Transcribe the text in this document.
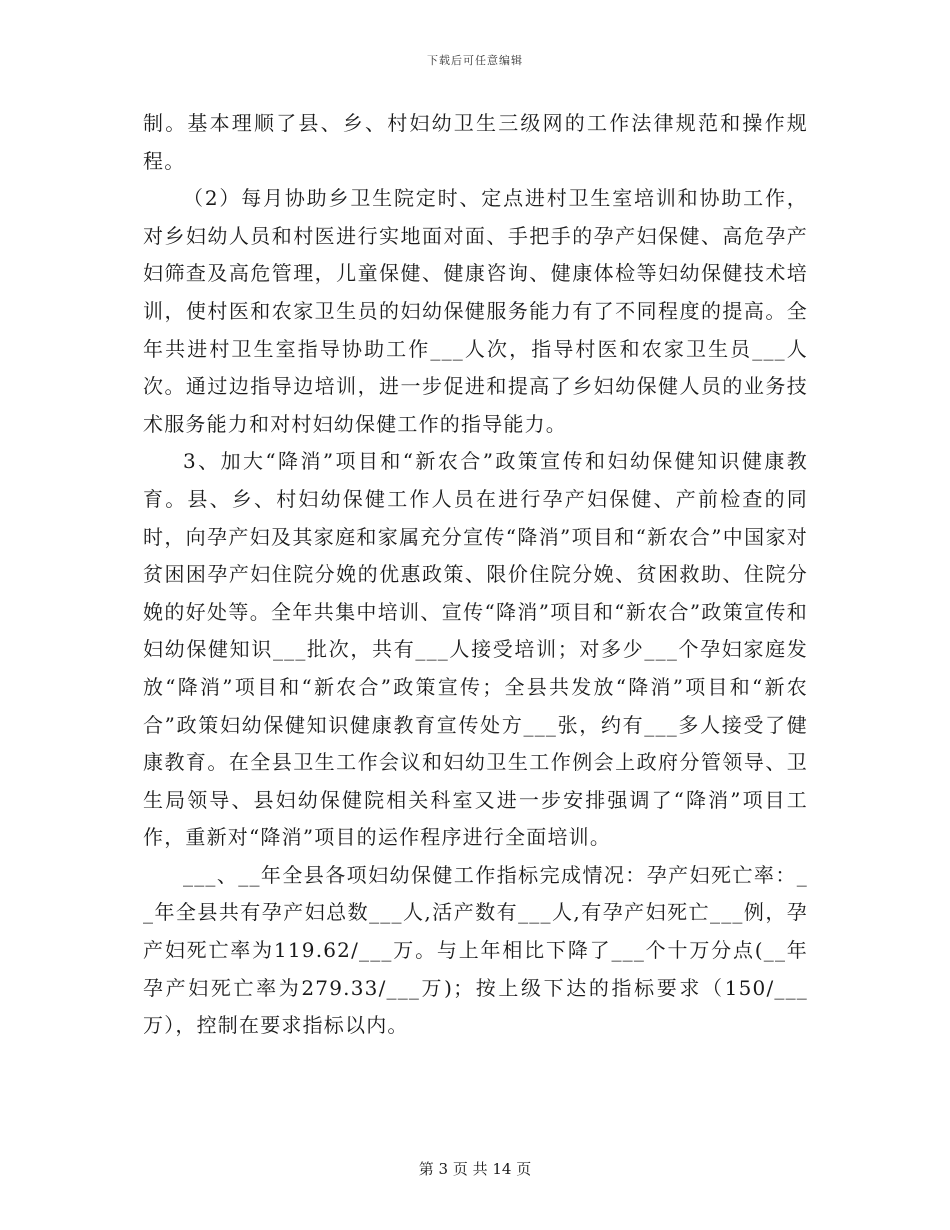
下载后可任意编辑

制。基本理顺了县、乡、村妇幼卫生三级网的工作法律规范和操作规程。

（2）每月协助乡卫生院定时、定点进村卫生室培训和协助工作，对乡妇幼人员和村医进行实地面对面、手把手的孕产妇保健、高危孕产妇筛查及高危管理，儿童保健、健康咨询、健康体检等妇幼保健技术培训，使村医和农家卫生员的妇幼保健服务能力有了不同程度的提高。全年共进村卫生室指导协助工作___人次，指导村医和农家卫生员___人次。通过边指导边培训，进一步促进和提高了乡妇幼保健人员的业务技术服务能力和对村妇幼保健工作的指导能力。

3、加大“降消”项目和“新农合”政策宣传和妇幼保健知识健康教育。县、乡、村妇幼保健工作人员在进行孕产妇保健、产前检查的同时，向孕产妇及其家庭和家属充分宣传“降消”项目和“新农合”中国家对贫困困孕产妇住院分娩的优惠政策、限价住院分娩、贫困救助、住院分娩的好处等。全年共集中培训、宣传“降消”项目和“新农合”政策宣传和妇幼保健知识___批次，共有___人接受培训；对多少___个孕妇家庭发放“降消”项目和“新农合”政策宣传；全县共发放“降消”项目和“新农合”政策妇幼保健知识健康教育宣传处方___张，约有___多人接受了健康教育。在全县卫生工作会议和妇幼卫生工作例会上政府分管领导、卫生局领导、县妇幼保健院相关科室又进一步安排强调了“降消”项目工作，重新对“降消”项目的运作程序进行全面培训。

___、__年全县各项妇幼保健工作指标完成情况：孕产妇死亡率：__年全县共有孕产妇总数___人,活产数有___人,有孕产妇死亡___例，孕产妇死亡率为119.62/___万。与上年相比下降了___个十万分点(__年孕产妇死亡率为279.33/___万)；按上级下达的指标要求（150/___万），控制在要求指标以内。

第 3 页 共 14 页
